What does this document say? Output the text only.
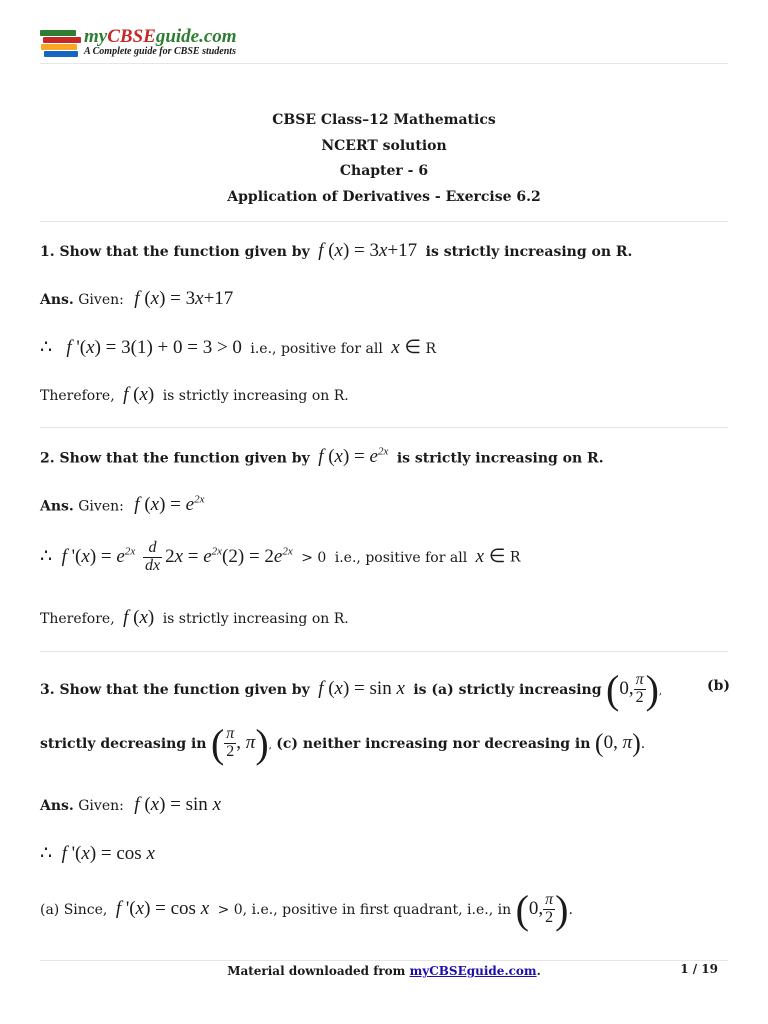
myCBSEguide.com
A Complete guide for CBSE students
CBSE Class–12 Mathematics
NCERT solution
Chapter - 6
Application of Derivatives - Exercise 6.2
1. Show that the function given by f (x) = 3x+17 is strictly increasing on R.
Ans. Given: f (x) = 3x+17
∴   f '(x) = 3(1) + 0 = 3 > 0 i.e., positive for all x ∈ R
Therefore, f (x) is strictly increasing on R.
2. Show that the function given by f $(x) = e^{2x}$ is strictly increasing on R.
Ans. Given: f $(x) = e^{2x}$
∴  f '$(x) = e^{2x} \frac{d}{dx} 2x = e^{2x}(2) = 2e^{2x} > 0$ i.e., positive for all x ∈ R
Therefore, f (x) is strictly increasing on R.
3. Show that the function given by f (x) = sin x is (a) strictly increasing (0, $\frac{\pi}{2}$ ),	(b)
strictly decreasing in ( $\frac{\pi}{2}$ , π), (c) neither increasing nor decreasing in (0, π).
Ans. Given: f (x) = sin x
∴  f '(x) = cos x
(a) Since, f '(x) = cos x > 0, i.e., positive in first quadrant, i.e., in (0, $\frac{\pi}{2}$ ).
Material downloaded from myCBSEguide.com.	1 / 19
